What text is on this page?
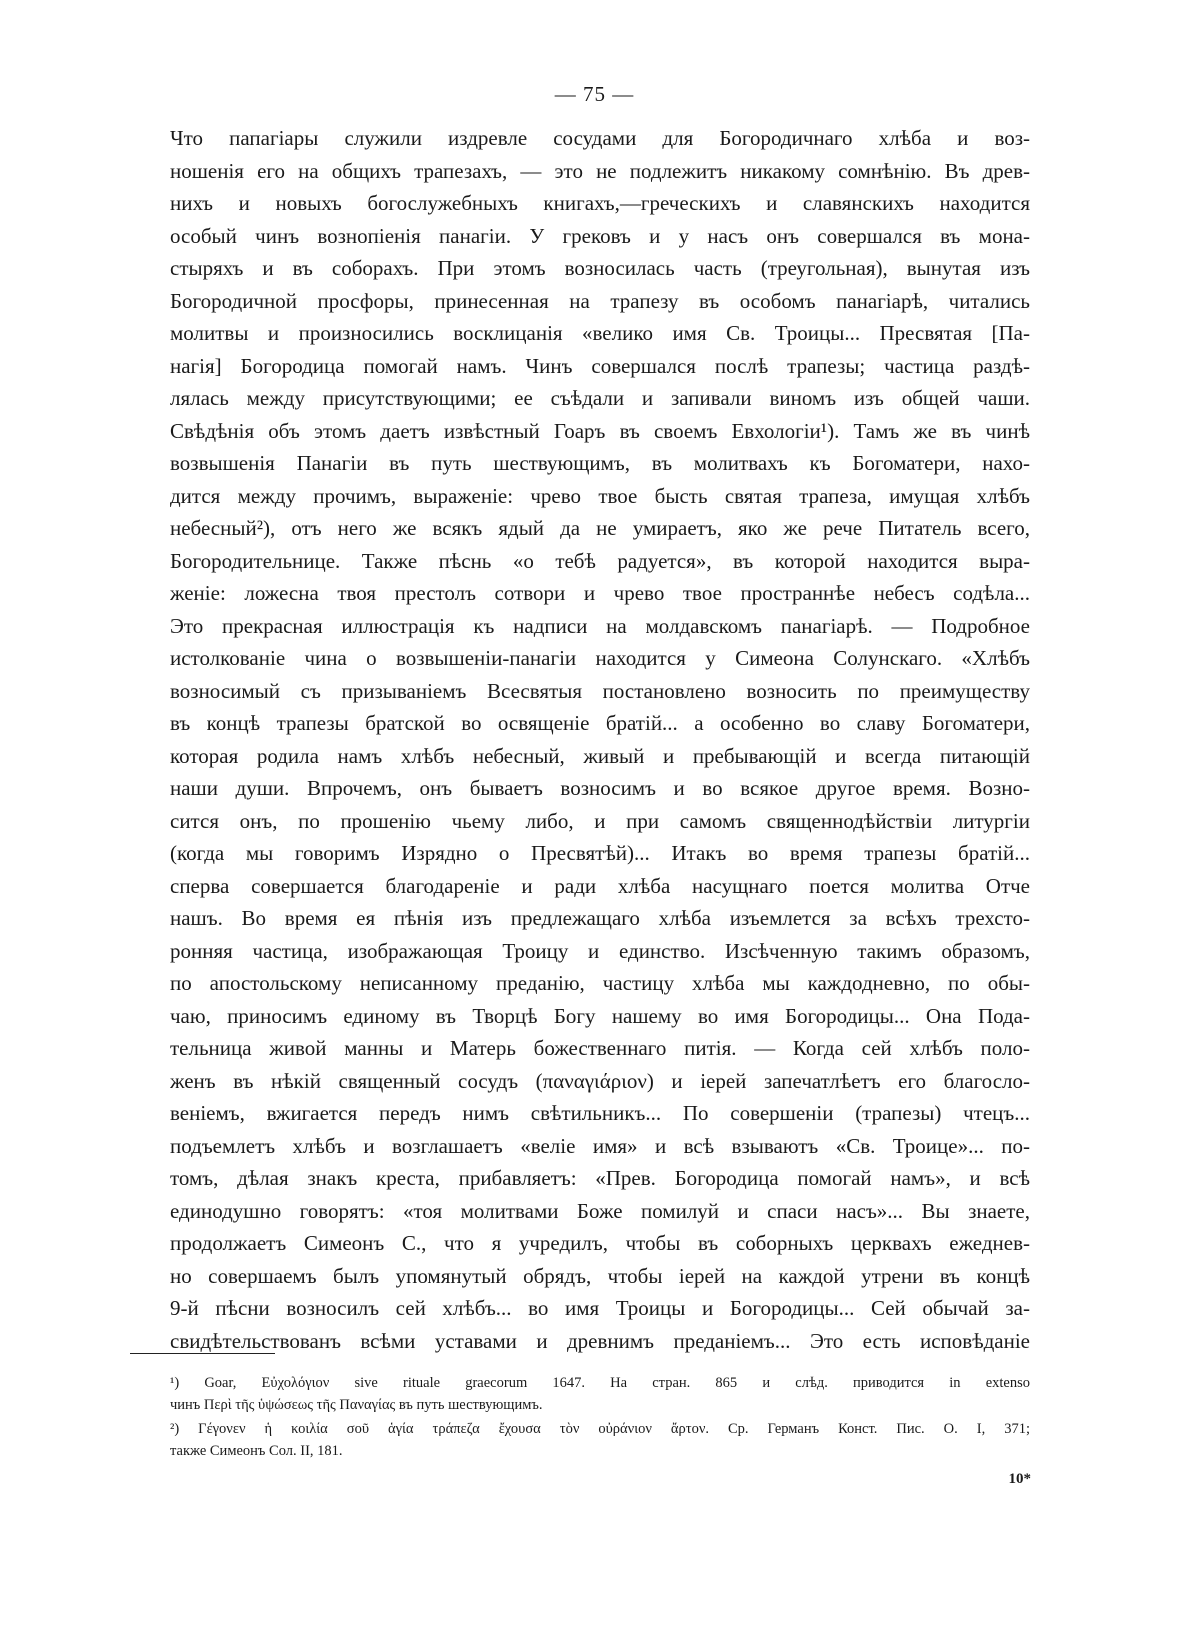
— 75 —
Что папагіары служили издревле сосудами для Богородичнаго хлѣба и воз-
ношенія его на общихъ трапезахъ, — это не подлежитъ никакому сомнѣнію. Въ древ-
нихъ и новыхъ богослужебныхъ книгахъ,—греческихъ и славянскихъ находится
особый чинъ вознопіенія панагіи. У грековъ и у насъ онъ совершался въ мона-
стыряхъ и въ соборахъ. При этомъ возносилась часть (треугольная), вынутая изъ
Богородичной просфоры, принесенная на трапезу въ особомъ панагіарѣ, читались
молитвы и произносились восклицанія «велико имя Св. Троицы... Пресвятая [Па-
нагія] Богородица помогай намъ. Чинъ совершался послѣ трапезы; частица раздѣ-
лялась между присутствующими; ее съѣдали и запивали виномъ изъ общей чаши.
Свѣдѣнія объ этомъ даетъ извѣстный Гоаръ въ своемъ Евхологіи¹). Тамъ же въ чинѣ
возвышенія Панагіи въ путь шествующимъ, въ молитвахъ къ Богоматери, нахо-
дится между прочимъ, выраженіе: чрево твое бысть святая трапеза, имущая хлѣбъ
небесный²), отъ него же всякъ ядый да не умираетъ, яко же рече Питатель всего,
Богородительнице. Также пѣснь «о тебѣ радуется», въ которой находится выра-
женіе: ложесна твоя престолъ сотвори и чрево твое пространнѣе небесъ содѣла...
Это прекрасная иллюстрація къ надписи на молдавскомъ панагіарѣ. — Подробное
истолкованіе чина о возвышеніи-панагіи находится у Симеона Солунскаго. «Хлѣбъ
возносимый съ призываніемъ Всесвятыя постановлено возносить по преимуществу
въ концѣ трапезы братской во освященіе братій... а особенно во славу Богоматери,
которая родила намъ хлѣбъ небесный, живый и пребывающій и всегда питающій
наши души. Впрочемъ, онъ бываетъ возносимъ и во всякое другое время. Возно-
сится онъ, по прошенію чьему либо, и при самомъ священнодѣйствіи литургіи
(когда мы говоримъ Изрядно о Пресвятѣй)... Итакъ во время трапезы братій...
сперва совершается благодареніе и ради хлѣба насущнаго поется молитва Отче
нашъ. Во время ея пѣнія изъ предлежащаго хлѣба изъемлется за всѣхъ трехсто-
ронняя частица, изображающая Троицу и единство. Изсѣченную такимъ образомъ,
по апостольскому неписанному преданію, частицу хлѣба мы каждодневно, по обы-
чаю, приносимъ единому въ Творцѣ Богу нашему во имя Богородицы... Она Пода-
тельница живой манны и Матерь божественнаго питія. — Когда сей хлѣбъ поло-
женъ въ нѣкій священный сосудъ (παναγιάριον) и іерей запечатлѣетъ его благосло-
веніемъ, вжигается передъ нимъ свѣтильникъ... По совершеніи (трапезы) чтецъ...
подъемлетъ хлѣбъ и возглашаетъ «веліе имя» и всѣ взываютъ «Св. Троице»... по-
томъ, дѣлая знакъ креста, прибавляетъ: «Прев. Богородица помогай намъ», и всѣ
единодушно говорятъ: «тоя молитвами Боже помилуй и спаси насъ»... Вы знаете,
продолжаетъ Симеонъ С., что я учредилъ, чтобы въ соборныхъ церквахъ ежеднев-
но совершаемъ былъ упомянутый обрядъ, чтобы іерей на каждой утрени въ концѣ
9-й пѣсни возносилъ сей хлѣбъ... во имя Троицы и Богородицы... Сей обычай за-
свидѣтельствованъ всѣми уставами и древнимъ преданіемъ... Это есть исповѣданіе
¹) Goar, Εὐχολόγιον sive rituale graecorum 1647. На стран. 865 и слѣд. приводится in extenso
чинъ Περὶ τῆς ὑψώσεως τῆς Παναγίας въ путь шествующимъ.
²) Γέγονεν ἡ κοιλία σοῦ ἁγία τράπεζα ἔχουσα τὸν οὐράνιον ἄρτον. Ср. Германъ Конст. Пис. О. I, 371;
также Симеонъ Сол. II, 181.
10*
